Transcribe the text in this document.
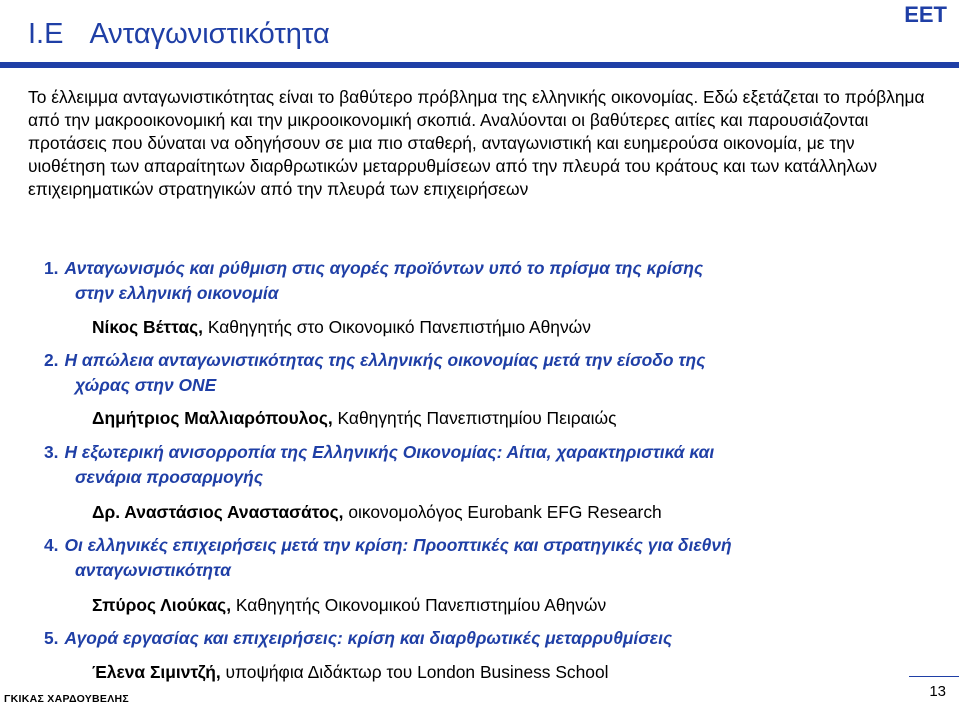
I.E Ανταγωνιστικότητα
ΕΕΤ

Το έλλειμμα ανταγωνιστικότητας είναι το βαθύτερο πρόβλημα της ελληνικής οικονομίας. Εδώ εξετάζεται το πρόβλημα από την μακροοικονομική και την μικροοικονομική σκοπιά. Αναλύονται οι βαθύτερες αιτίες και παρουσιάζονται προτάσεις που δύναται να οδηγήσουν σε μια πιο σταθερή, ανταγωνιστική και ευημερούσα οικονομία, με την υιοθέτηση των απαραίτητων διαρθρωτικών μεταρρυθμίσεων από την πλευρά του κράτους και των κατάλληλων επιχειρηματικών στρατηγικών από την πλευρά των επιχειρήσεων

1. Ανταγωνισμός και ρύθμιση στις αγορές προϊόντων υπό το πρίσμα της κρίσης
στην ελληνική οικονομία
Νίκος Βέττας, Καθηγητής στο Οικονομικό Πανεπιστήμιο Αθηνών
2. Η απώλεια ανταγωνιστικότητας της ελληνικής οικονομίας μετά την είσοδο της
χώρας στην ΟΝΕ
Δημήτριος Μαλλιαρόπουλος, Καθηγητής Πανεπιστημίου Πειραιώς
3. Η εξωτερική ανισορροπία της Ελληνικής Οικονομίας: Αίτια, χαρακτηριστικά και
σενάρια προσαρμογής
Δρ. Αναστάσιος Αναστασάτος, οικονομολόγος Eurobank EFG Research
4. Οι ελληνικές επιχειρήσεις μετά την κρίση: Προοπτικές και στρατηγικές για διεθνή
ανταγωνιστικότητα
Σπύρος Λιούκας, Καθηγητής Οικονομικού Πανεπιστημίου Αθηνών
5. Αγορά εργασίας και επιχειρήσεις: κρίση και διαρθρωτικές μεταρρυθμίσεις
Έλενα Σιμιντζή, υποψήφια Διδάκτωρ του London Business School
ΓΚΙΚΑΣ ΧΑΡΔΟΥΒΕΛΗΣ	13
